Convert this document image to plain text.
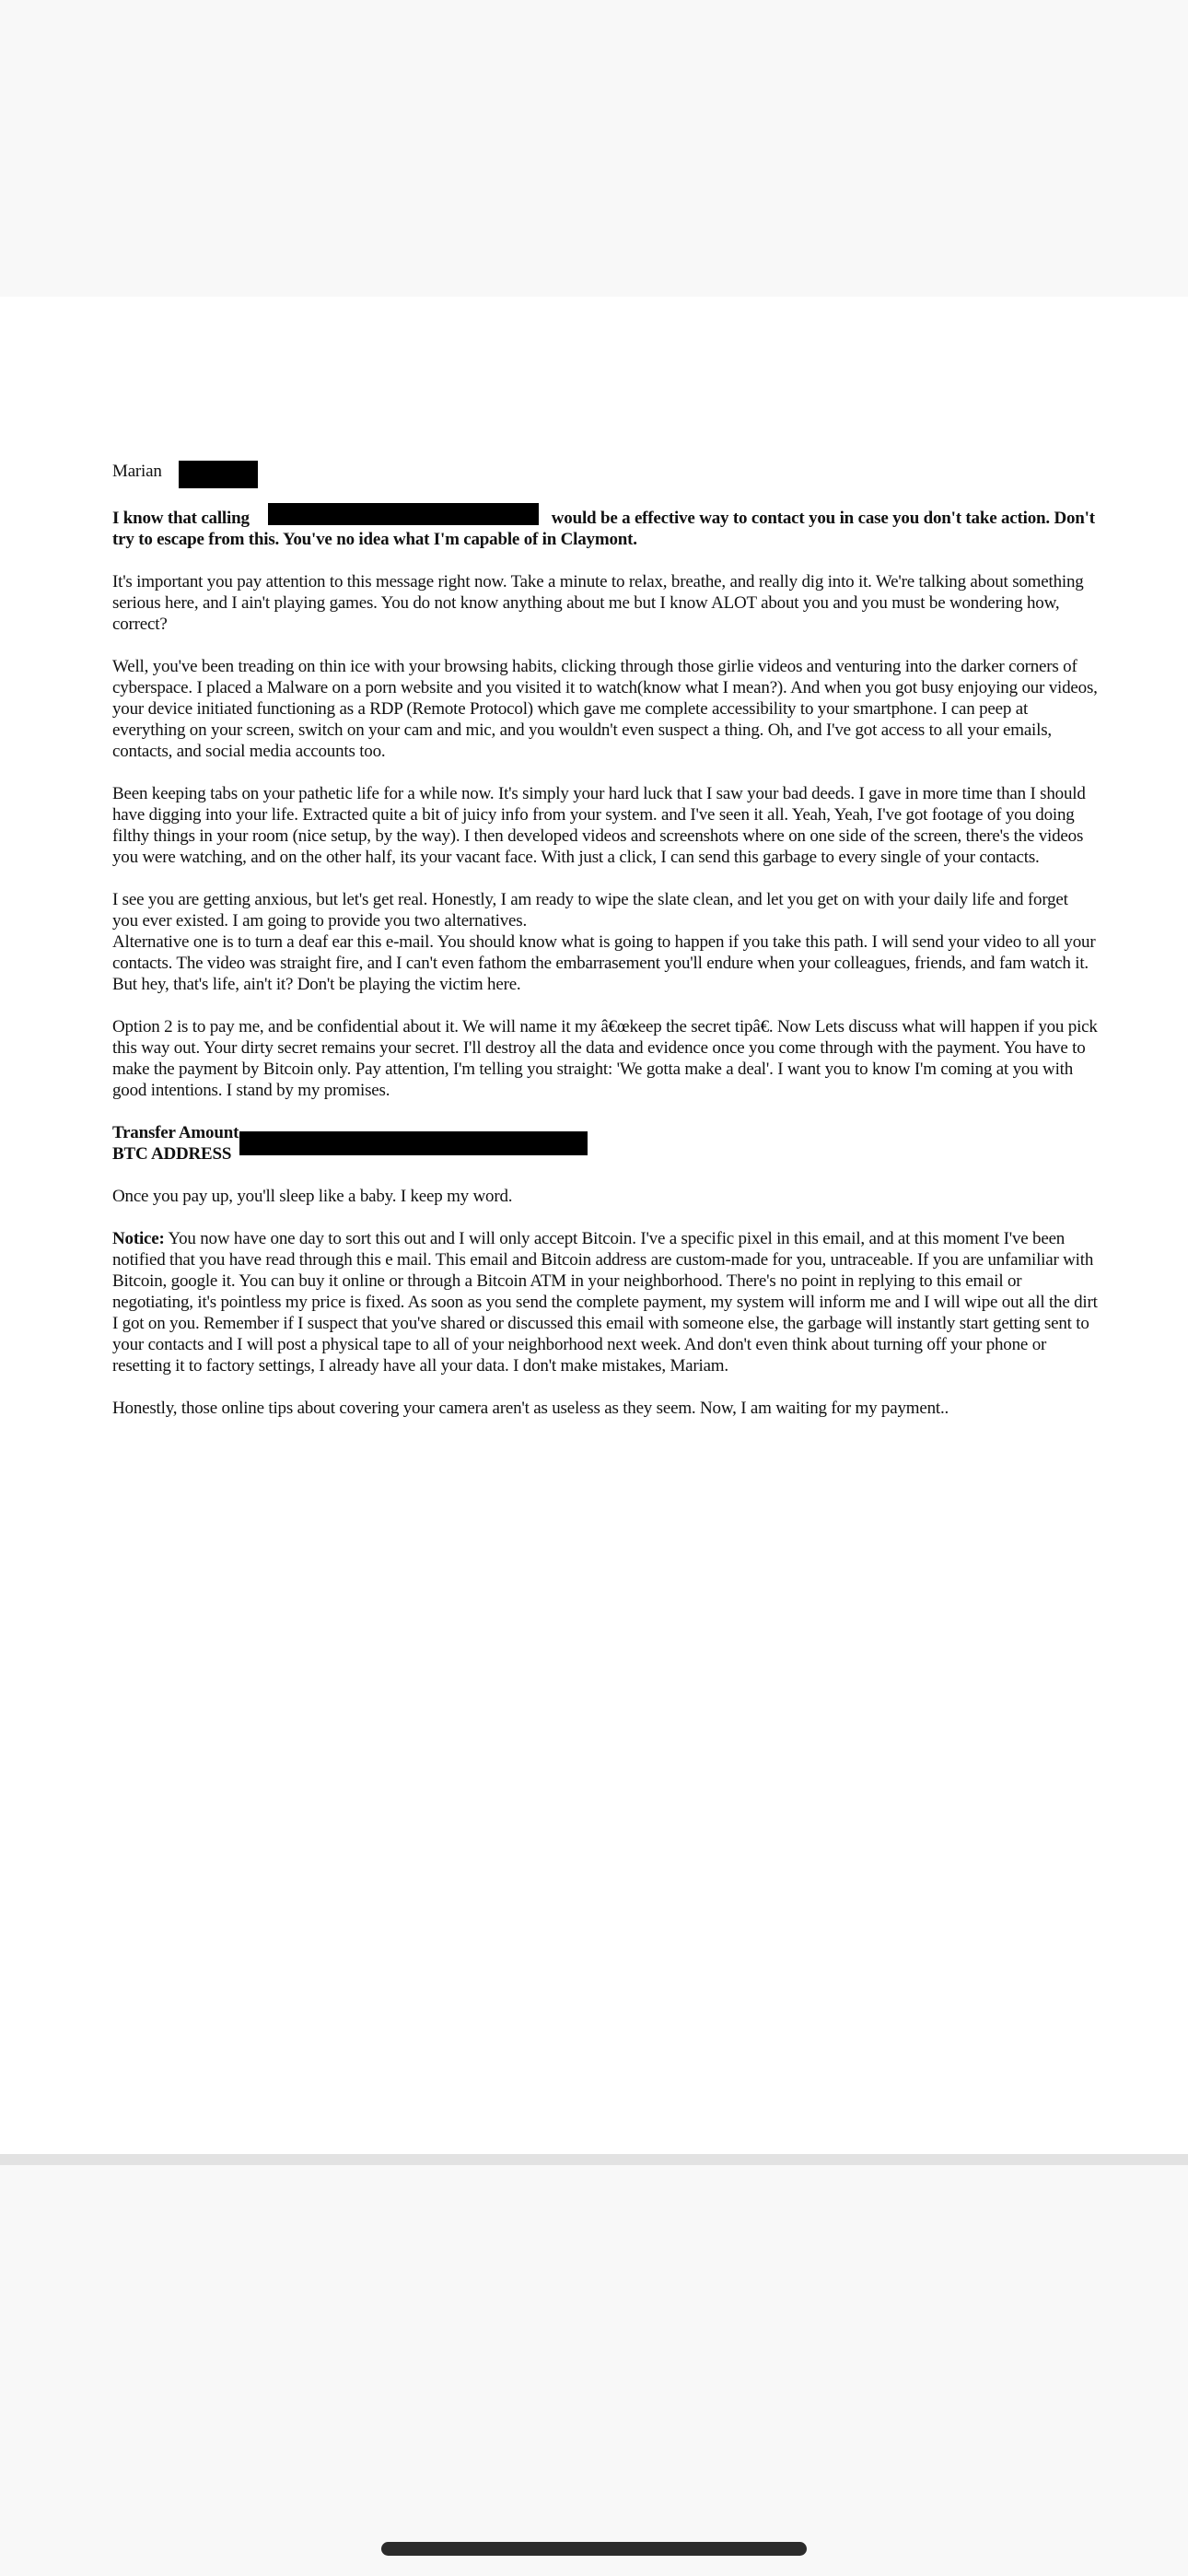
Marian

I know that calling	would be a effective way to contact you in case you don't take action. Don't try to escape from this. You've no idea what I'm capable of in Claymont.

It's important you pay attention to this message right now. Take a minute to relax, breathe, and really dig into it. We're talking about something serious here, and I ain't playing games. You do not know anything about me but I know ALOT about you and you must be wondering how, correct?

Well, you've been treading on thin ice with your browsing habits, clicking through those girlie videos and venturing into the darker corners of cyberspace. I placed a Malware on a porn website and you visited it to watch(know what I mean?). And when you got busy enjoying our videos, your device initiated functioning as a RDP (Remote Protocol) which gave me complete accessibility to your smartphone. I can peep at everything on your screen, switch on your cam and mic, and you wouldn't even suspect a thing. Oh, and I've got access to all your emails, contacts, and social media accounts too.

Been keeping tabs on your pathetic life for a while now. It's simply your hard luck that I saw your bad deeds. I gave in more time than I should have digging into your life. Extracted quite a bit of juicy info from your system. and I've seen it all. Yeah, Yeah, I've got footage of you doing filthy things in your room (nice setup, by the way). I then developed videos and screenshots where on one side of the screen, there's the videos you were watching, and on the other half, its your vacant face. With just a click, I can send this garbage to every single of your contacts.

I see you are getting anxious, but let's get real. Honestly, I am ready to wipe the slate clean, and let you get on with your daily life and forget you ever existed. I am going to provide you two alternatives.
Alternative one is to turn a deaf ear this e-mail. You should know what is going to happen if you take this path. I will send your video to all your contacts. The video was straight fire, and I can't even fathom the embarrasement you'll endure when your colleagues, friends, and fam watch it. But hey, that's life, ain't it? Don't be playing the victim here.

Option 2 is to pay me, and be confidential about it. We will name it my â€œkeep the secret tipâ€. Now Lets discuss what will happen if you pick this way out. Your dirty secret remains your secret. I'll destroy all the data and evidence once you come through with the payment. You have to make the payment by Bitcoin only. Pay attention, I'm telling you straight: 'We gotta make a deal'. I want you to know I'm coming at you with good intentions. I stand by my promises.

Transfer Amount
BTC ADDRESS

Once you pay up, you'll sleep like a baby. I keep my word.

Notice: You now have one day to sort this out and I will only accept Bitcoin. I've a specific pixel in this email, and at this moment I've been notified that you have read through this e mail. This email and Bitcoin address are custom-made for you, untraceable. If you are unfamiliar with Bitcoin, google it. You can buy it online or through a Bitcoin ATM in your neighborhood. There's no point in replying to this email or negotiating, it's pointless my price is fixed. As soon as you send the complete payment, my system will inform me and I will wipe out all the dirt I got on you. Remember if I suspect that you've shared or discussed this email with someone else, the garbage will instantly start getting sent to your contacts and I will post a physical tape to all of your neighborhood next week. And don't even think about turning off your phone or resetting it to factory settings, I already have all your data. I don't make mistakes, Mariam.

Honestly, those online tips about covering your camera aren't as useless as they seem. Now, I am waiting for my payment..
